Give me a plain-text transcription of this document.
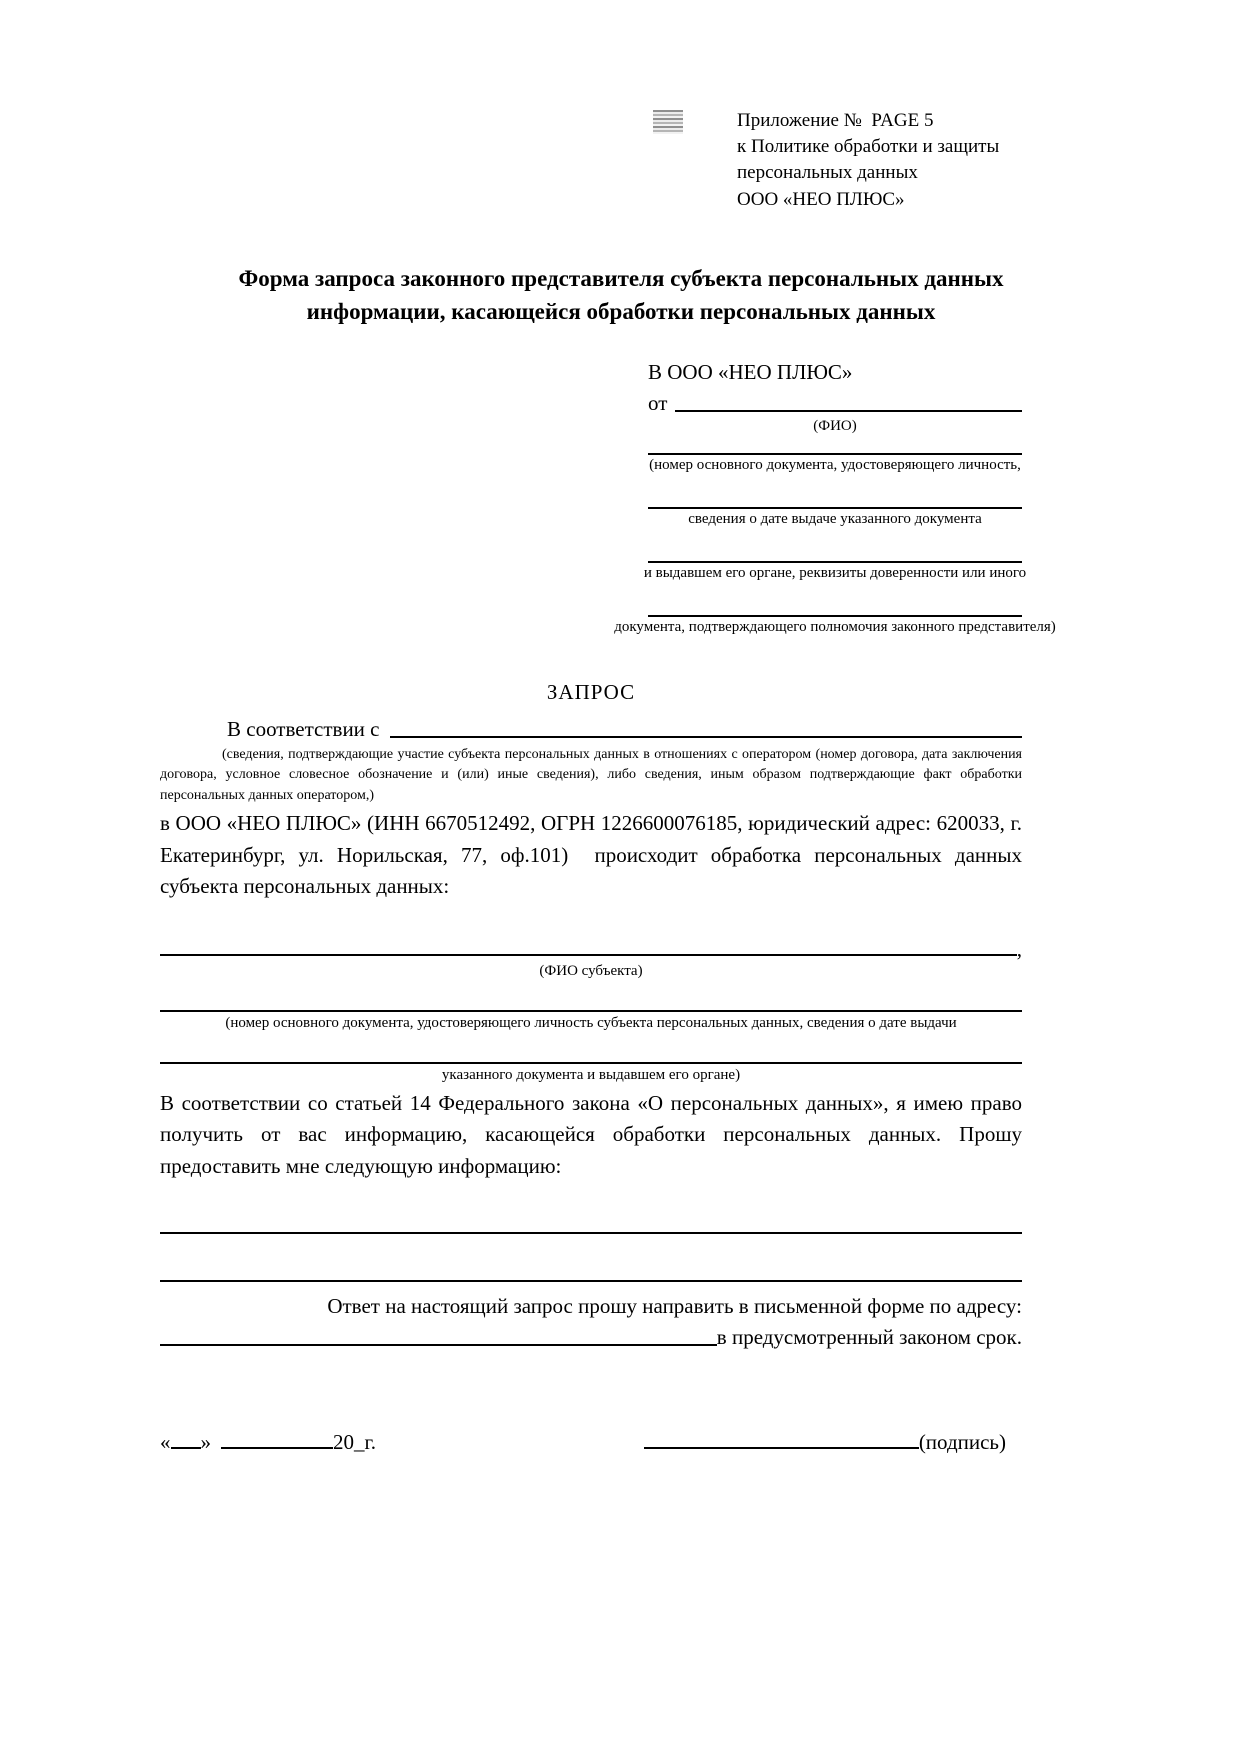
Приложение №  PAGE 5
к Политике обработки и защиты
персональных данных
ООО «НЕО ПЛЮС»
Форма запроса законного представителя субъекта персональных данных
информации, касающейся обработки персональных данных
В ООО «НЕО ПЛЮС»
от
(ФИО)
(номер основного документа, удостоверяющего личность,
сведения о дате выдаче указанного документа
и выдавшем его органе, реквизиты доверенности или иного
документа, подтверждающего полномочия законного представителя)
ЗАПРОС
В соответствии с
(сведения, подтверждающие участие субъекта персональных данных в отношениях с оператором (номер договора, дата заключения договора, условное словесное обозначение и (или) иные сведения), либо сведения, иным образом подтверждающие факт обработки персональных данных оператором,)
в ООО «НЕО ПЛЮС» (ИНН 6670512492, ОГРН 1226600076185, юридический адрес: 620033, г. Екатеринбург, ул. Норильская, 77, оф.101)  происходит обработка персональных данных субъекта персональных данных:
,
(ФИО субъекта)
(номер основного документа, удостоверяющего личность субъекта персональных данных, сведения о дате выдачи
указанного документа и выдавшем его органе)
В соответствии со статьей 14 Федерального закона «О персональных данных», я имею право получить от вас информацию, касающейся обработки персональных данных. Прошу предоставить мне следующую информацию:
Ответ на настоящий запрос прошу направить в письменной форме по адресу:
в предусмотренный законом срок.
« »	20_г.	(подпись)
